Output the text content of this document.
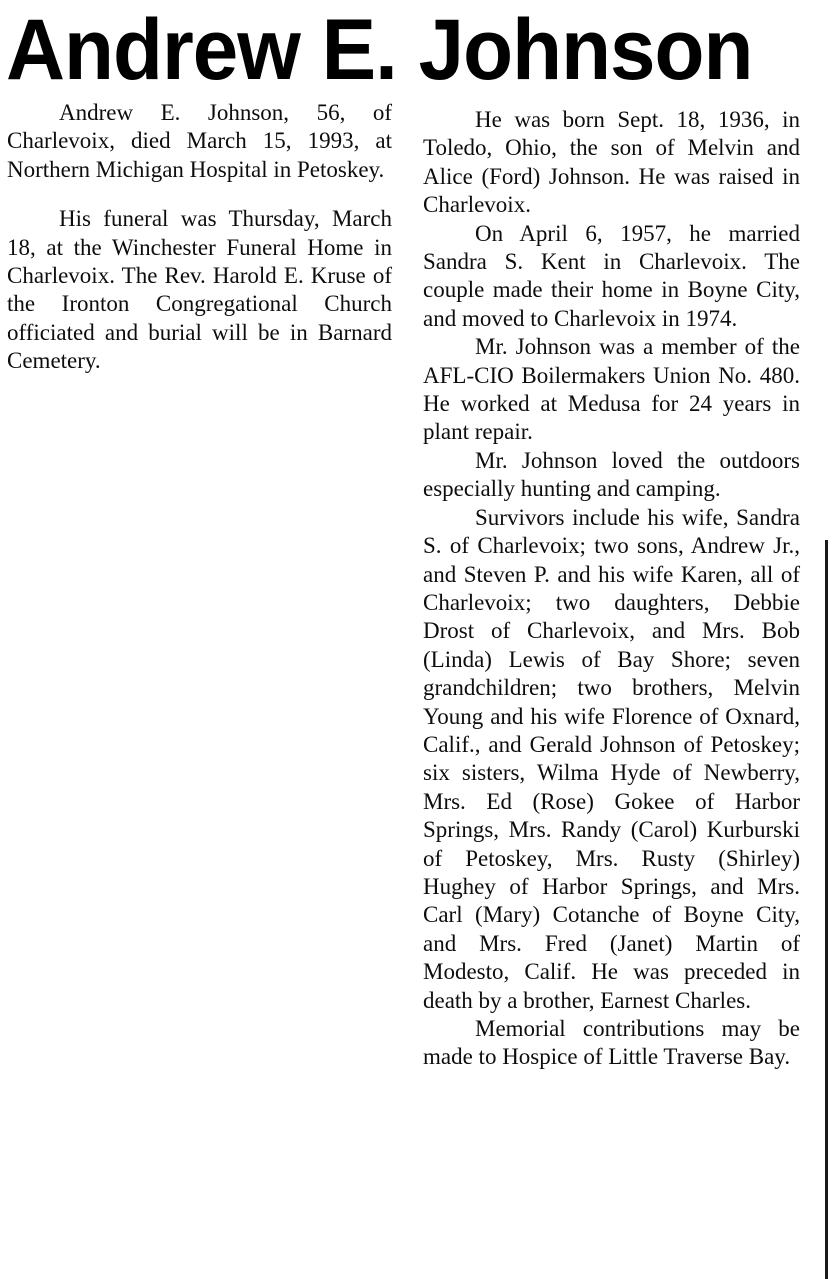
Andrew E. Johnson

Andrew E. Johnson, 56, of Charlevoix, died March 15, 1993, at Northern Michigan Hospital in Petoskey.

His funeral was Thursday, March 18, at the Winchester Funeral Home in Charlevoix. The Rev. Harold E. Kruse of the Ironton Congregational Church officiated and burial will be in Barnard Cemetery.

He was born Sept. 18, 1936, in Toledo, Ohio, the son of Melvin and Alice (Ford) Johnson. He was raised in Charlevoix.

On April 6, 1957, he married Sandra S. Kent in Charlevoix. The couple made their home in Boyne City, and moved to Charlevoix in 1974.

Mr. Johnson was a member of the AFL-CIO Boilermakers Union No. 480. He worked at Medusa for 24 years in plant repair.

Mr. Johnson loved the outdoors especially hunting and camping.

Survivors include his wife, Sandra S. of Charlevoix; two sons, Andrew Jr., and Steven P. and his wife Karen, all of Charlevoix; two daughters, Debbie Drost of Charlevoix, and Mrs. Bob (Linda) Lewis of Bay Shore; seven grandchildren; two brothers, Melvin Young and his wife Florence of Oxnard, Calif., and Gerald Johnson of Petoskey; six sisters, Wilma Hyde of Newberry, Mrs. Ed (Rose) Gokee of Harbor Springs, Mrs. Randy (Carol) Kurburski of Petoskey, Mrs. Rusty (Shirley) Hughey of Harbor Springs, and Mrs. Carl (Mary) Cotanche of Boyne City, and Mrs. Fred (Janet) Martin of Modesto, Calif. He was preceded in death by a brother, Earnest Charles.

Memorial contributions may be made to Hospice of Little Traverse Bay.
